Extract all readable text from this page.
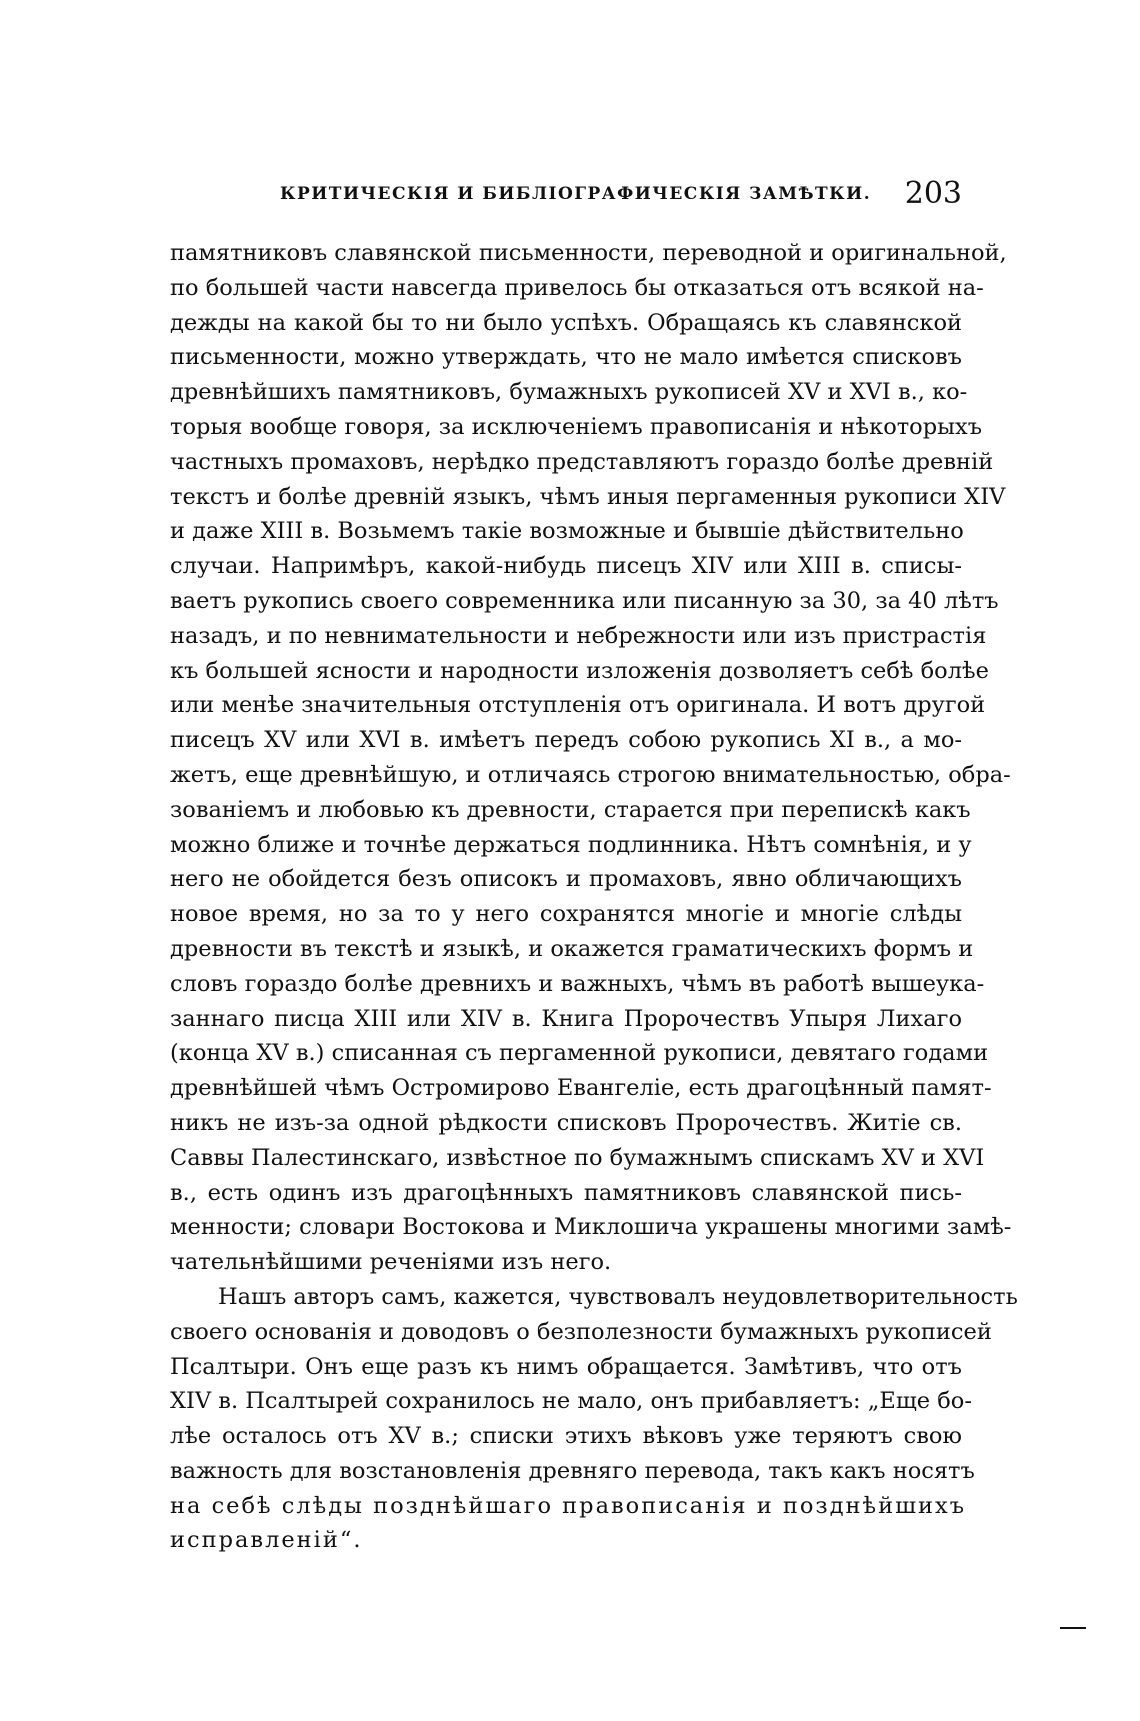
КРИТИЧЕСКІЯ И БИБЛІОГРАФИЧЕСКІЯ ЗАМѢТКИ. 203
памятниковъ славянской письменности, переводной и оригинальной,
по большей части навсегда привелось бы отказаться отъ всякой на-
дежды на какой бы то ни было успѣхъ. Обращаясь къ славянской
письменности, можно утверждать, что не мало имѣется списковъ
древнѣйшихъ памятниковъ, бумажныхъ рукописей XV и XVI в., ко-
торыя вообще говоря, за исключеніемъ правописанія и нѣкоторыхъ
частныхъ промаховъ, нерѣдко представляютъ гораздо болѣе древній
текстъ и болѣе древній языкъ, чѣмъ иныя пергаменныя рукописи XIV
и даже XIII в. Возьмемъ такіе возможные и бывшіе дѣйствительно
случаи. Напримѣръ, какой-нибудь писецъ XIV или XIII в. списы-
ваетъ рукопись своего современника или писанную за 30, за 40 лѣтъ
назадъ, и по невнимательности и небрежности или изъ пристрастія
къ большей ясности и народности изложенія дозволяетъ себѣ болѣе
или менѣе значительныя отступленія отъ оригинала. И вотъ другой
писецъ XV или XVI в. имѣетъ передъ собою рукопись XI в., а мо-
жетъ, еще древнѣйшую, и отличаясь строгою внимательностью, обра-
зованіемъ и любовью къ древности, старается при перепискѣ какъ
можно ближе и точнѣе держаться подлинника. Нѣтъ сомнѣнія, и у
него не обойдется безъ описокъ и промаховъ, явно обличающихъ
новое время, но за то у него сохранятся многіе и многіе слѣды
древности въ текстѣ и языкѣ, и окажется граматическихъ формъ и
словъ гораздо болѣе древнихъ и важныхъ, чѣмъ въ работѣ вышеука-
заннаго писца XIII или XIV в. Книга Пророчествъ Упыря Лихаго
(конца XV в.) списанная съ пергаменной рукописи, девятаго годами
древнѣйшей чѣмъ Остромирово Евангеліе, есть драгоцѣнный памят-
никъ не изъ-за одной рѣдкости списковъ Пророчествъ. Житіе св.
Саввы Палестинскаго, извѣстное по бумажнымъ спискамъ XV и XVI
в., есть одинъ изъ драгоцѣнныхъ памятниковъ славянской пись-
менности; словари Востокова и Миклошича украшены многими замѣ-
чательнѣйшими реченіями изъ него.
Нашъ авторъ самъ, кажется, чувствовалъ неудовлетворительность
своего основанія и доводовъ о безполезности бумажныхъ рукописей
Псалтыри. Онъ еще разъ къ нимъ обращается. Замѣтивъ, что отъ
XIV в. Псалтырей сохранилось не мало, онъ прибавляетъ: „Еще бо-
лѣе осталось отъ XV в.; списки этихъ вѣковъ уже теряютъ свою
важность для возстановленія древняго перевода, такъ какъ носятъ
на себѣ слѣды позднѣйшаго правописанія и позднѣйшихъ
исправленій“.
